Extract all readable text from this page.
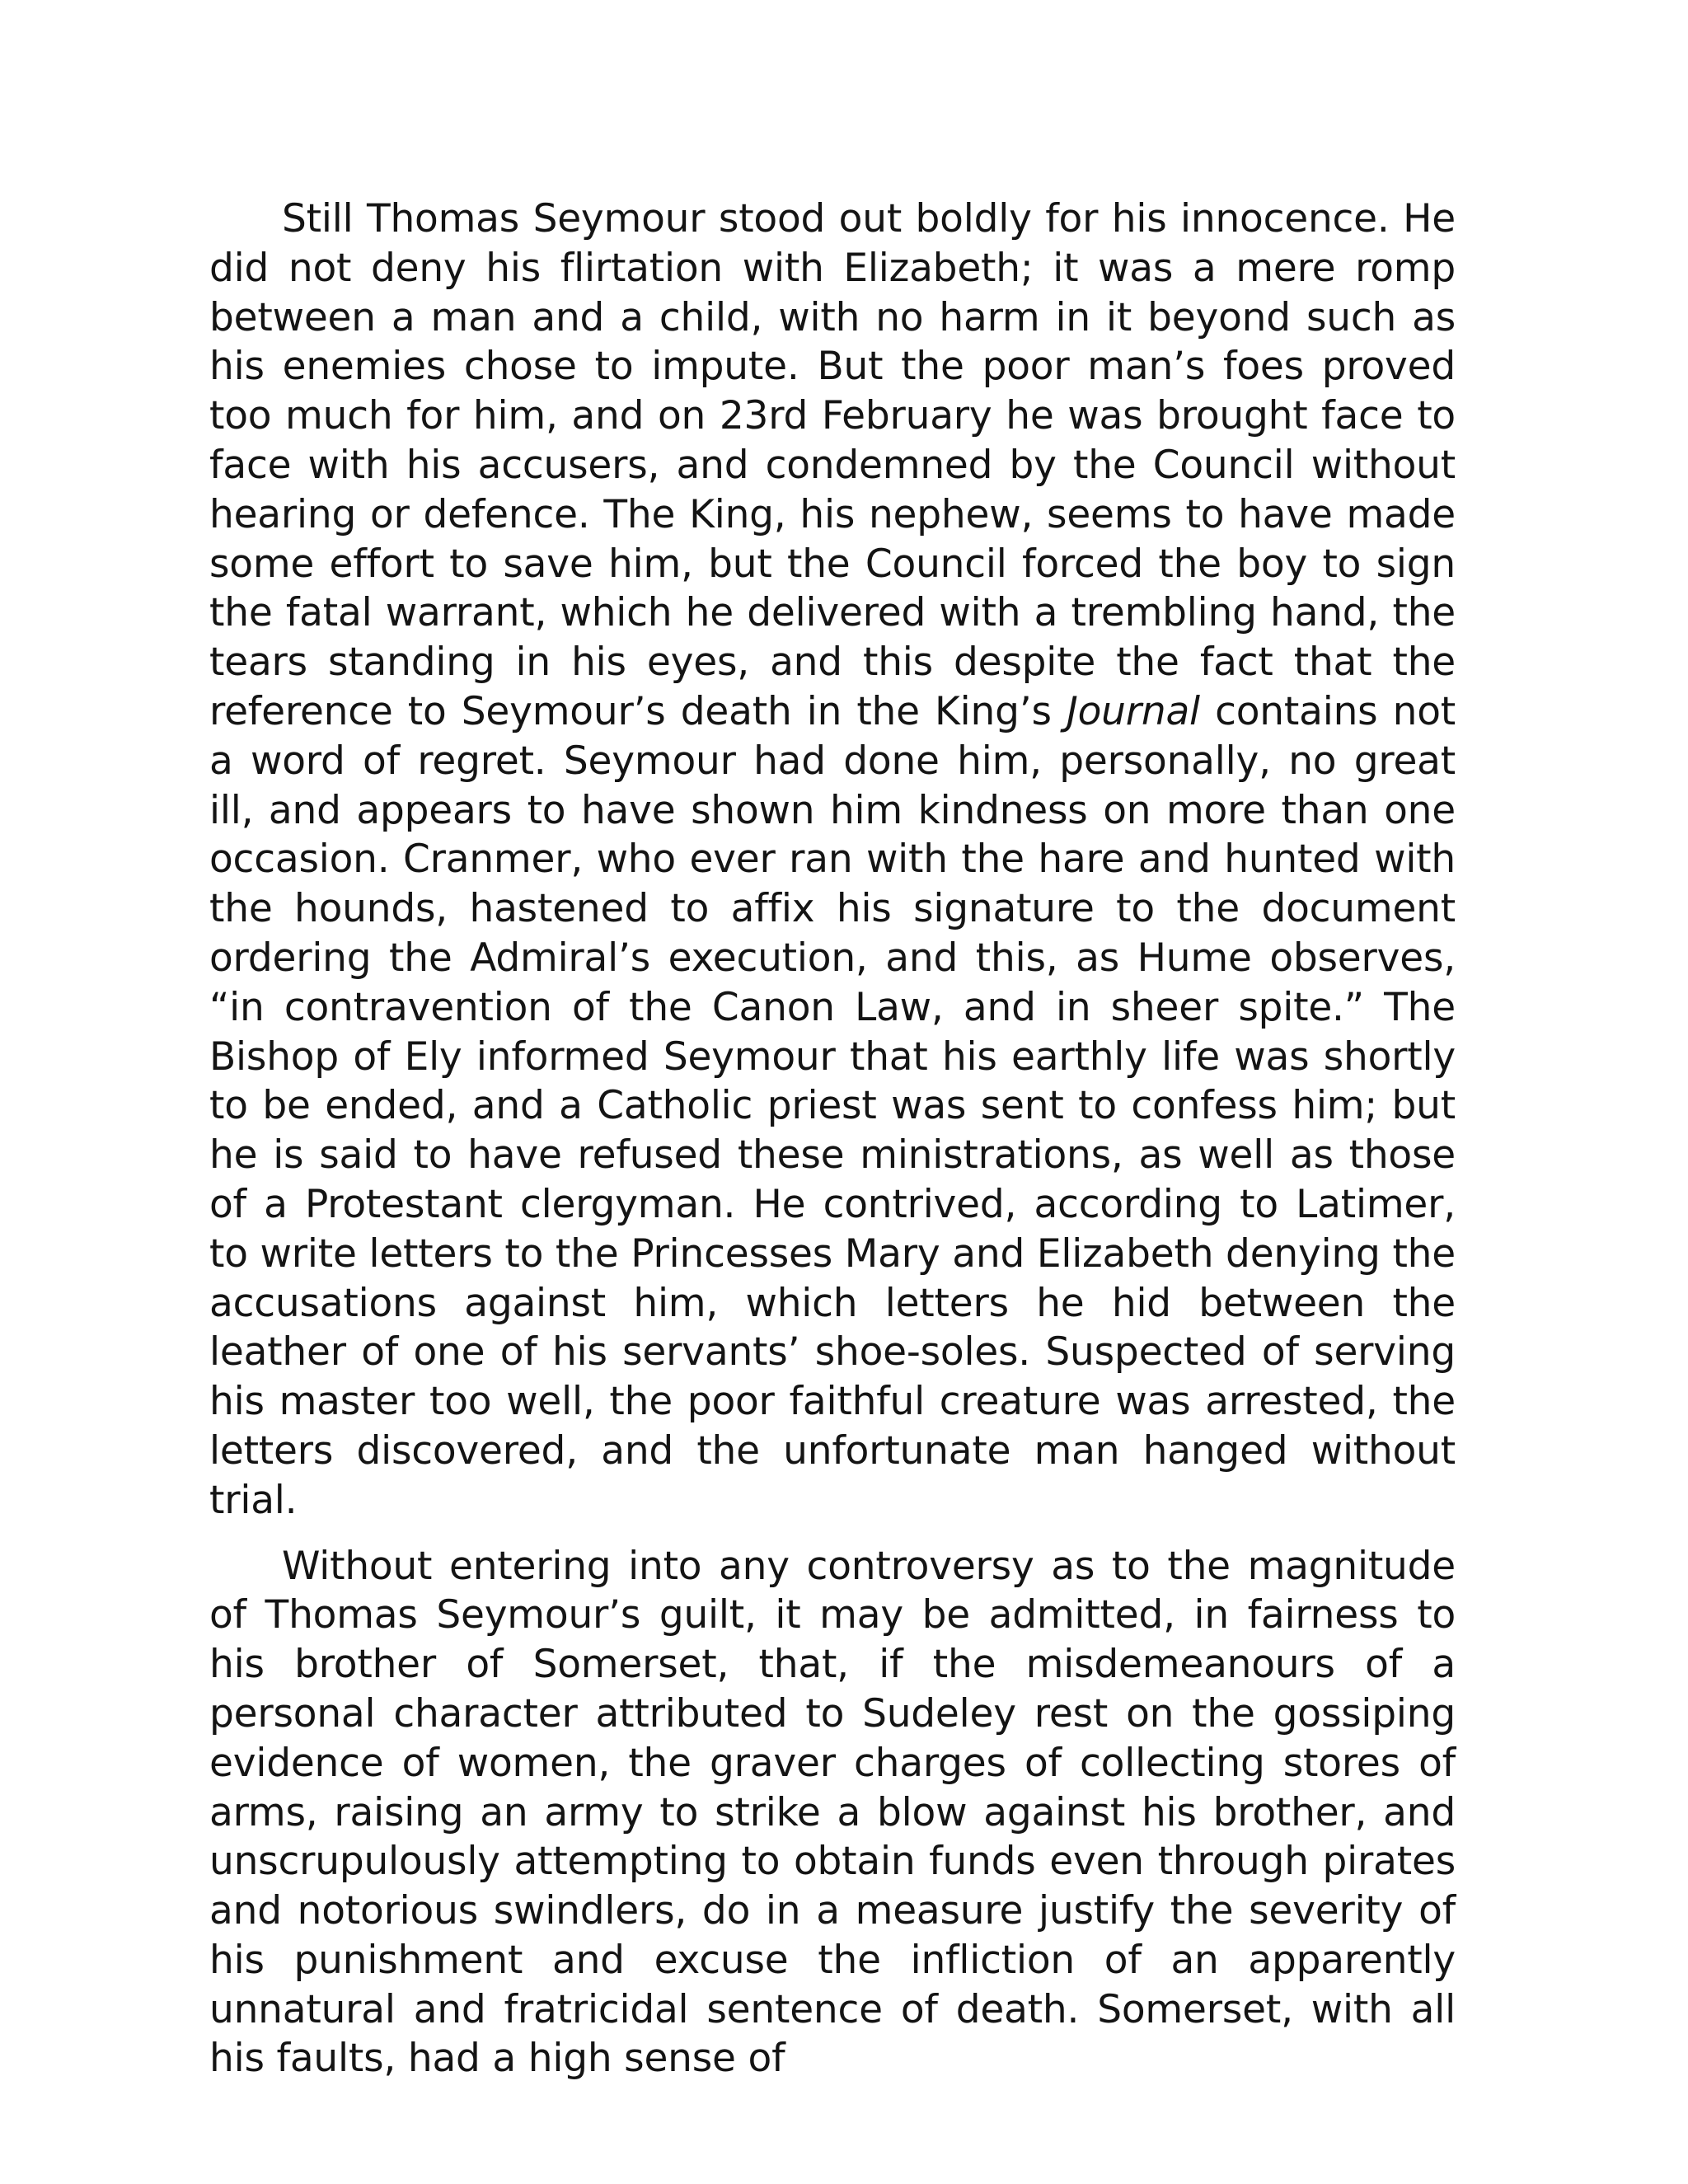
Still Thomas Seymour stood out boldly for his innocence. He did not deny his flirtation with Elizabeth; it was a mere romp between a man and a child, with no harm in it beyond such as his enemies chose to impute. But the poor man’s foes proved too much for him, and on 23rd February he was brought face to face with his accusers, and condemned by the Council without hearing or defence. The King, his nephew, seems to have made some effort to save him, but the Council forced the boy to sign the fatal warrant, which he delivered with a trembling hand, the tears standing in his eyes, and this despite the fact that the reference to Seymour’s death in the King’s Journal contains not a word of regret. Seymour had done him, personally, no great ill, and appears to have shown him kindness on more than one occasion. Cranmer, who ever ran with the hare and hunted with the hounds, hastened to affix his signature to the document ordering the Admiral’s execution, and this, as Hume observes, “in contravention of the Canon Law, and in sheer spite.” The Bishop of Ely informed Seymour that his earthly life was shortly to be ended, and a Catholic priest was sent to confess him; but he is said to have refused these ministrations, as well as those of a Protestant clergyman. He contrived, according to Latimer, to write letters to the Princesses Mary and Elizabeth denying the accusations against him, which letters he hid between the leather of one of his servants’ shoe-soles. Suspected of serving his master too well, the poor faithful creature was arrested, the letters discovered, and the unfortunate man hanged without trial.

Without entering into any controversy as to the magnitude of Thomas Seymour’s guilt, it may be admitted, in fairness to his brother of Somerset, that, if the misdemeanours of a personal character attributed to Sudeley rest on the gossiping evidence of women, the graver charges of collecting stores of arms, raising an army to strike a blow against his brother, and unscrupulously attempting to obtain funds even through pirates and notorious swindlers, do in a measure justify the severity of his punishment and excuse the infliction of an apparently unnatural and fratricidal sentence of death. Somerset, with all his faults, had a high sense of
